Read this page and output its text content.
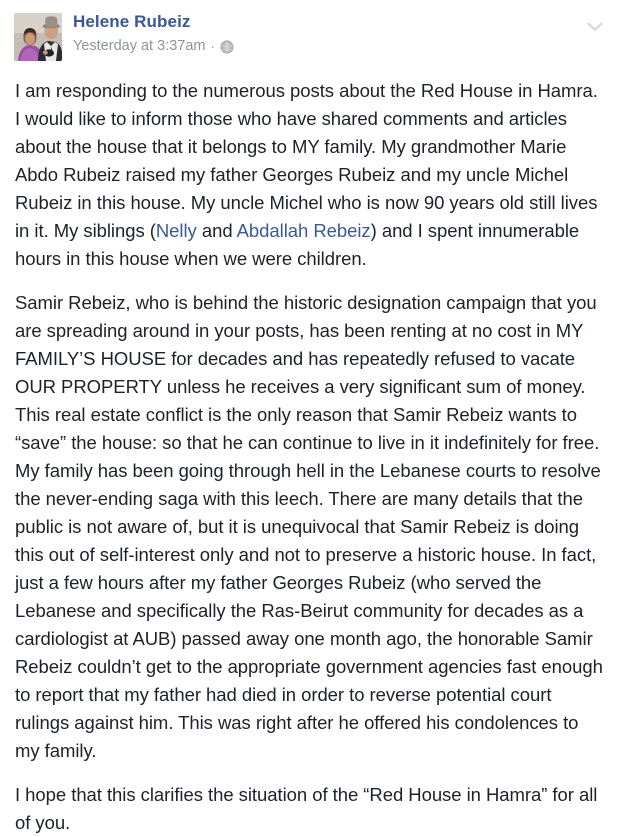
Helene Rubeiz
Yesterday at 3:37am ·

I am responding to the numerous posts about the Red House in Hamra. I would like to inform those who have shared comments and articles about the house that it belongs to MY family. My grandmother Marie Abdo Rubeiz raised my father Georges Rubeiz and my uncle Michel Rubeiz in this house. My uncle Michel who is now 90 years old still lives in it. My siblings (Nelly and Abdallah Rebeiz) and I spent innumerable hours in this house when we were children.

Samir Rebeiz, who is behind the historic designation campaign that you are spreading around in your posts, has been renting at no cost in MY FAMILY’S HOUSE for decades and has repeatedly refused to vacate OUR PROPERTY unless he receives a very significant sum of money. This real estate conflict is the only reason that Samir Rebeiz wants to “save” the house: so that he can continue to live in it indefinitely for free. My family has been going through hell in the Lebanese courts to resolve the never-ending saga with this leech. There are many details that the public is not aware of, but it is unequivocal that Samir Rebeiz is doing this out of self-interest only and not to preserve a historic house. In fact, just a few hours after my father Georges Rubeiz (who served the Lebanese and specifically the Ras-Beirut community for decades as a cardiologist at AUB) passed away one month ago, the honorable Samir Rebeiz couldn’t get to the appropriate government agencies fast enough to report that my father had died in order to reverse potential court rulings against him. This was right after he offered his condolences to my family.

I hope that this clarifies the situation of the “Red House in Hamra” for all of you.
